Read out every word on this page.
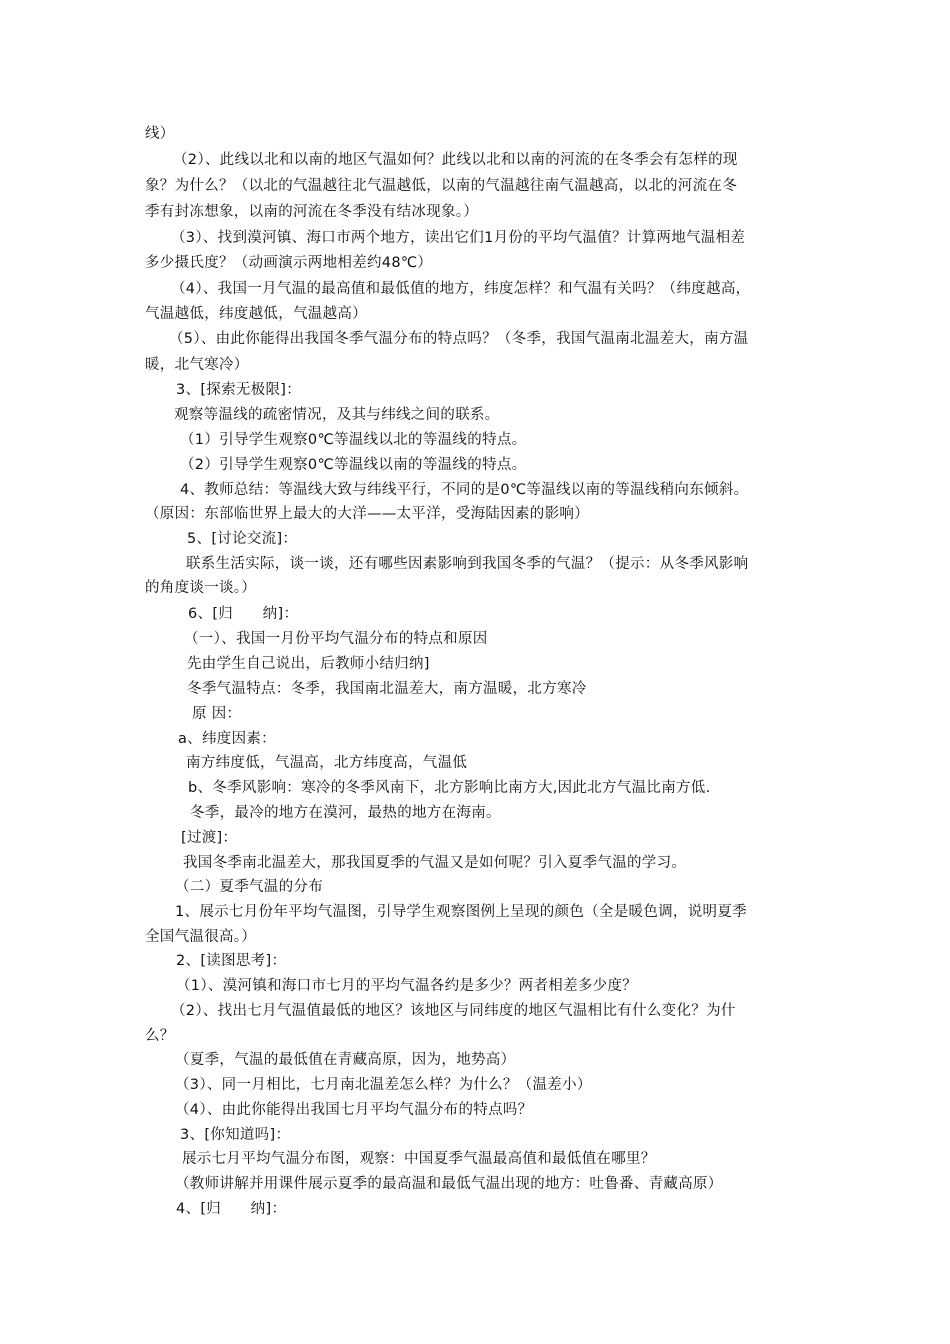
线）
（2）、此线以北和以南的地区气温如何？此线以北和以南的河流的在冬季会有怎样的现
象？为什么？（以北的气温越往北气温越低，以南的气温越往南气温越高，以北的河流在冬
季有封冻想象，以南的河流在冬季没有结冰现象。）
（3）、找到漠河镇、海口市两个地方，读出它们1月份的平均气温值？计算两地气温相差
多少摄氏度？（动画演示两地相差约48℃）
（4）、我国一月气温的最高值和最低值的地方，纬度怎样？和气温有关吗？（纬度越高，
气温越低，纬度越低，气温越高）
（5）、由此你能得出我国冬季气温分布的特点吗？（冬季，我国气温南北温差大，南方温
暖，北气寒冷）
3、[探索无极限]：
观察等温线的疏密情况，及其与纬线之间的联系。
（1）引导学生观察0℃等温线以北的等温线的特点。
（2）引导学生观察0℃等温线以南的等温线的特点。
4、教师总结：等温线大致与纬线平行，不同的是0℃等温线以南的等温线稍向东倾斜。
（原因：东部临世界上最大的大洋——太平洋，受海陆因素的影响）
5、[讨论交流]：
联系生活实际，谈一谈，还有哪些因素影响到我国冬季的气温？（提示：从冬季风影响
的角度谈一谈。）
6、[归　　纳]：
（一）、我国一月份平均气温分布的特点和原因
先由学生自己说出，后教师小结归纳]
冬季气温特点：冬季，我国南北温差大，南方温暖，北方寒冷
原 因：
a、纬度因素：
南方纬度低，气温高，北方纬度高，气温低
b、冬季风影响：寒冷的冬季风南下，北方影响比南方大,因此北方气温比南方低.
冬季，最冷的地方在漠河，最热的地方在海南。
[过渡]：
我国冬季南北温差大，那我国夏季的气温又是如何呢？引入夏季气温的学习。
（二）夏季气温的分布
1、展示七月份年平均气温图，引导学生观察图例上呈现的颜色（全是暖色调，说明夏季
全国气温很高。）
2、[读图思考]：
（1）、漠河镇和海口市七月的平均气温各约是多少？两者相差多少度？
（2）、找出七月气温值最低的地区？该地区与同纬度的地区气温相比有什么变化？为什
么？
（夏季，气温的最低值在青藏高原，因为，地势高）
（3）、同一月相比，七月南北温差怎么样？为什么？（温差小）
（4）、由此你能得出我国七月平均气温分布的特点吗？
3、[你知道吗]：
展示七月平均气温分布图，观察：中国夏季气温最高值和最低值在哪里？
（教师讲解并用课件展示夏季的最高温和最低气温出现的地方：吐鲁番、青藏高原）
4、[归　　纳]：
